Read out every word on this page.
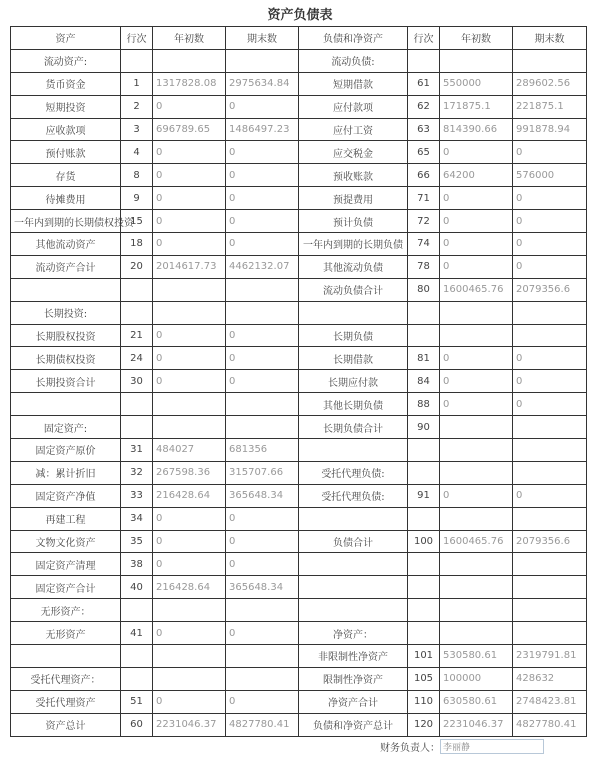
资产负债表
资产	行次	年初数	期末数	负债和净资产	行次	年初数	期末数
流动资产:				流动负债:			
货币资金	1	1317828.08	2975634.84	短期借款	61	550000	289602.56
短期投资	2	0	0	应付款项	62	171875.1	221875.1
应收款项	3	696789.65	1486497.23	应付工资	63	814390.66	991878.94
预付账款	4	0	0	应交税金	65	0	0
存货	8	0	0	预收账款	66	64200	576000
待摊费用	9	0	0	预提费用	71	0	0
一年内到期的长期债权投资	15	0	0	预计负债	72	0	0
其他流动资产	18	0	0	一年内到期的长期负债	74	0	0
流动资产合计	20	2014617.73	4462132.07	其他流动负债	78	0	0
				流动负债合计	80	1600465.76	2079356.6
长期投资:							
长期股权投资	21	0	0	长期负债			
长期债权投资	24	0	0	长期借款	81	0	0
长期投资合计	30	0	0	长期应付款	84	0	0
				其他长期负债	88	0	0
固定资产:				长期负债合计	90		
固定资产原价	31	484027	681356				
减：累计折旧	32	267598.36	315707.66	受托代理负债:			
固定资产净值	33	216428.64	365648.34	受托代理负债:	91	0	0
再建工程	34	0	0				
文物文化资产	35	0	0	负债合计	100	1600465.76	2079356.6
固定资产清理	38	0	0				
固定资产合计	40	216428.64	365648.34				
无形资产：							
无形资产	41	0	0	净资产：			
				非限制性净资产	101	530580.61	2319791.81
受托代理资产：				限制性净资产	105	100000	428632
受托代理资产	51	0	0	净资产合计	110	630580.61	2748423.81
资产总计	60	2231046.37	4827780.41	负债和净资产总计	120	2231046.37	4827780.41
财务负责人：
李丽静
